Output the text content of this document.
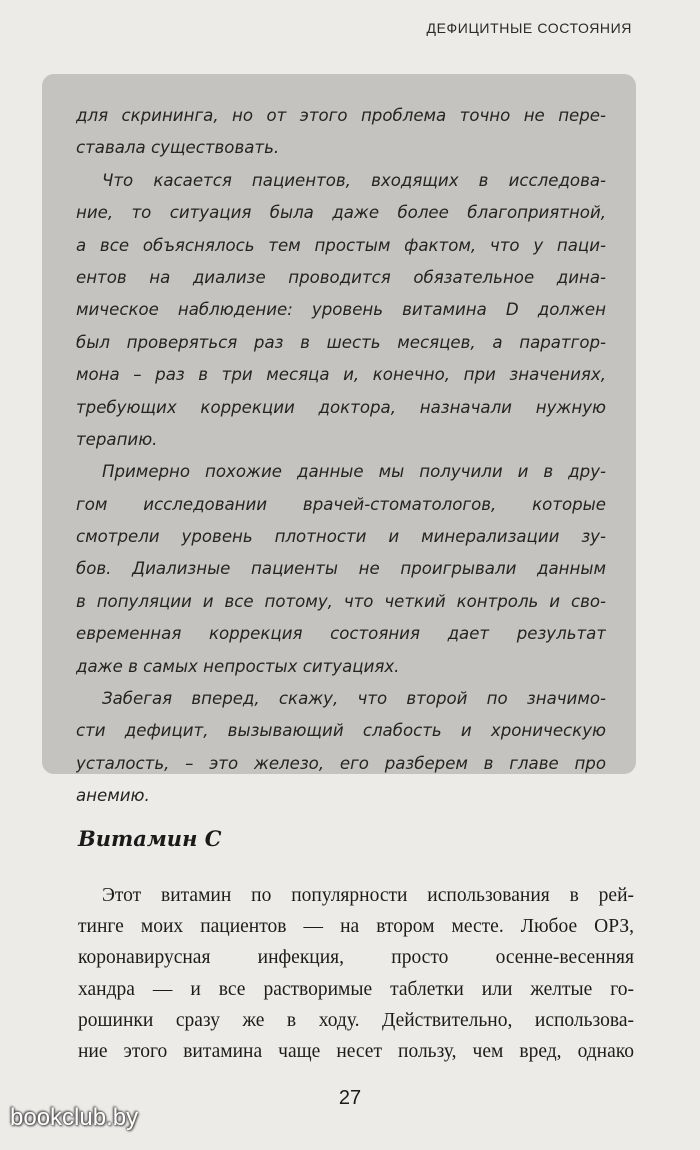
ДЕФИЦИТНЫЕ СОСТОЯНИЯ
для скрининга, но от этого проблема точно не пере-
ставала существовать.
Что касается пациентов, входящих в исследова-
ние, то ситуация была даже более благоприятной,
а все объяснялось тем простым фактом, что у паци-
ентов на диализе проводится обязательное дина-
мическое наблюдение: уровень витамина D должен
был проверяться раз в шесть месяцев, а паратгор-
мона – раз в три месяца и, конечно, при значениях,
требующих коррекции доктора, назначали нужную
терапию.
Примерно похожие данные мы получили и в дру-
гом исследовании врачей-стоматологов, которые
смотрели уровень плотности и минерализации зу-
бов. Диализные пациенты не проигрывали данным
в популяции и все потому, что четкий контроль и сво-
евременная коррекция состояния дает результат
даже в самых непростых ситуациях.
Забегая вперед, скажу, что второй по значимо-
сти дефицит, вызывающий слабость и хроническую
усталость, – это железо, его разберем в главе про
анемию.
Витамин С
Этот витамин по популярности использования в рей-
тинге моих пациентов — на втором месте. Любое ОРЗ,
коронавирусная инфекция, просто осенне-весенняя
хандра — и все растворимые таблетки или желтые го-
рошинки сразу же в ходу. Действительно, использова-
ние этого витамина чаще несет пользу, чем вред, однако
27
bookclub.by
